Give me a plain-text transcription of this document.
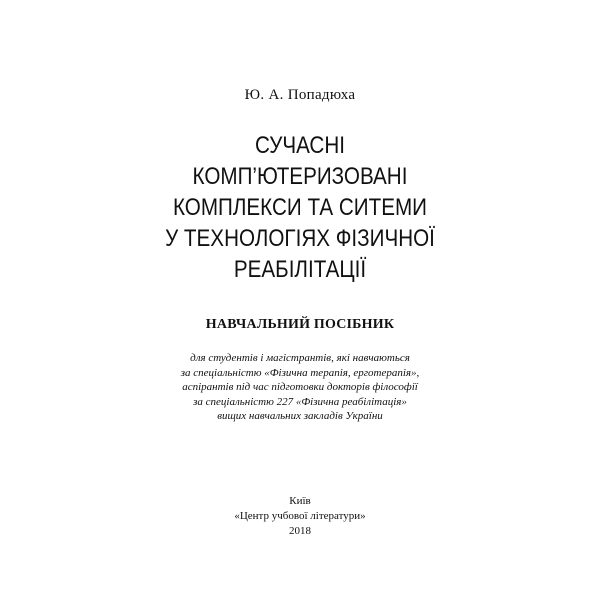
Ю. А. Попадюха
СУЧАСНІ
КОМП’ЮТЕРИЗОВАНІ
КОМПЛЕКСИ ТА СИТЕМИ
У ТЕХНОЛОГІЯХ ФІЗИЧНОЇ
РЕАБІЛІТАЦІЇ
НАВЧАЛЬНИЙ ПОСІБНИК
для студентів і магістрантів, які навчаються
за спеціальністю «Фізична терапія, ерготерапія»,
аспірантів під час підготовки докторів філософії
за спеціальністю 227 «Фізична реабілітація»
вищих навчальних закладів України
Київ
«Центр учбової літератури»
2018
